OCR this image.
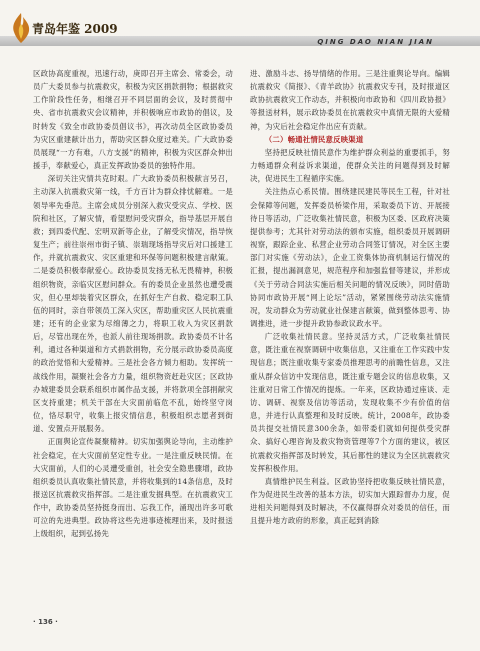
青岛年鉴 2009
QING DAO NIAN JIAN

区政协高度重视，迅速行动，庚即召开主席会、常委会，动员广大委员参与抗震救灾，积极为灾区捐款捐物；根据救灾工作阶段性任务，相继召开不同层面的会议，及时贯彻中央、省市抗震救灾会议精神，并积极响应市政协的倡议，及时转发《致全市政协委员倡议书》，再次动员全区政协委员为灾区重建献计出力，帮助灾区群众度过难关。广大政协委员展现“一方有难，八方支援”的精神，积极为灾区群众伸出援手，奉献爱心，真正发挥政协委员的独特作用。

深切关注灾情共克时艰。广大政协委员积极献言另召，主动深入抗震救灾第一线，千方百计为群众排忧解难。一是领导率先垂范。主席会成员分别深入救灾受灾点、学校、医院和社区，了解灾情，看望慰问受灾群众，指导基层开展自救；到四委代配、宏明双新等企业，了解受灾情况，指导恢复生产；前往崇州市街子镇、崇瑞现场指导灾后对口援建工作，并就抗震救灾、灾区重建和环保等问题积极建言献策。二是委员积极奉献爱心。政协委员发扬无私无畏精神，积极组织物资，亲临灾区慰问群众。有的委员企业虽然也遭受震灾，但心里却装着灾区群众，在抓好生产自救、稳定职工队伍的同时，亲自带领员工深入灾区，帮助重灾区人民抗震重建；还有的企业家为尽绵薄之力，将职工收入为灾区捐款后，尽管出现在外，也派人前往现场捐款。政协委员不计名利，通过各种渠道和方式捐款捐物，充分展示政协委员高度的政治觉悟和大爱精神。三是社会各方倾力相助。发挥统一战线作用，凝聚社会各方力量，组织物资赶赴灾区；区政协办城建委员会联系组织市属作品支援，并将款项全部捐献灾区支持重建；机关干部在大灾面前临危不乱，始终坚守岗位，恪尽职守，收集上报灾情信息，积极组织志愿者到街道、安置点开展服务。

正面舆论宣传凝聚精神。切实加强舆论导向，主动维护社会稳定，在大灾面前坚定性专业。一是注重反映民情。在大灾面前，人们的心灵遭受重创，社会安全隐患骤增，政协组织委员认真收集社情民意，并将收集到的14条信息，及时报送区抗震救灾指挥部。二是注重发掘典型。在抗震救灾工作中，政协委员坚持挺身而出、忘我工作，涌现出许多可歌可泣的先进典型。政协将这些先进事迹梳理出来，及时报送上级组织，起到弘扬先

进、激励斗志、扬导情绪的作用。三是注重舆论导向。编辑抗震救灾《简报》、《青羊政协》抗震救灾专刊，及时报道区政协抗震救灾工作动态，并积极向市政协和《四川政协报》等报送材料，展示政协委员在抗震救灾中真情无限的大爱精神，为灾后社会稳定作出应有贡献。

（二）畅通社情民意反映渠道

坚持把反映社情民意作为维护群众利益的重要抓手，努力畅通群众利益诉求渠道，使群众关注的问题得到及时解决，促进民生工程循序实施。

关注热点心系民情。围绕建民建民等民生工程，针对社会保障等问题，发挥委员桥梁作用，采取委员下访、开展接待日等活动，广泛收集社情民意，积极为区委、区政府决策提供参考；尤其针对劳动法的颁布实施，组织委员开展调研视察，跟踪企业、私营企业劳动合同签订情况，对全区主要部门对实施《劳动法》，企业工资集体协商机制运行情况的汇报，提出漏洞意见，规范程序和加强监督等建议，并形成《关于劳动合同法实施后相关问题的情况反映》，同时借助协同市政协开展“网上论坛”活动，紧紧围绕劳动法实施情况，发动群众为劳动就业社保建言献策，做到整体思考、协调推进，进一步提升政协参政议政水平。

广泛收集社情民意。坚持灵活方式，广泛收集社情民意，既注重在视察调研中收集信息，又注重在工作实践中发现信息；既注重收集专家委员推理思考的前瞻性信息，又注重从群众信访中发现信息，既注重专题会议的信息收集，又注重对日常工作情况的提炼。一年来，区政协通过座谈、走访、调研、视察及信访等活动，发现收集不少有价值的信息，并进行认真整理和及时反映。统计，2008年，政协委员共提交社情民意300余条，如带委们就如何提供受灾群众、搞好心理咨询及救灾物资管理等7个方面的建议，被区抗震救灾指挥部及时转发，其后都性的建议为全区抗震救灾发挥积极作用。

真情维护民生利益。区政协坚持把收集反映社情民意，作为促进民生改善的基本方法，切实加大跟踪督办力度，促进相关问题得到及时解决，不仅赢得群众对委员的信任，而且提升地方政府的形象，真正起到消除

· 136 ·
